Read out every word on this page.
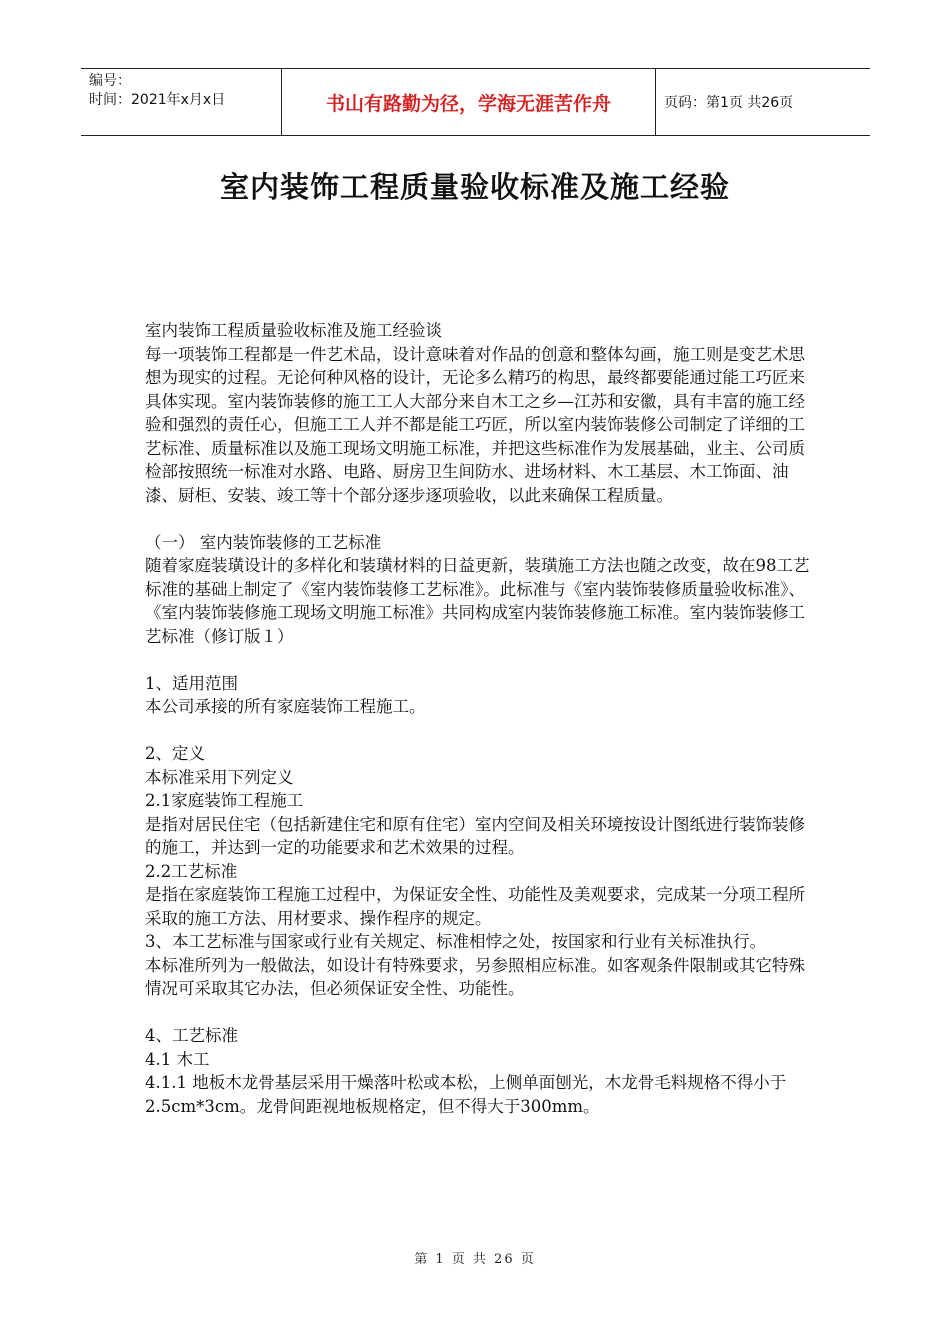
编号：
时间：2021年x月x日	书山有路勤为径，学海无涯苦作舟	页码：第1页 共26页
室内装饰工程质量验收标准及施工经验

室内装饰工程质量验收标准及施工经验谈

每一项装饰工程都是一件艺术品，设计意味着对作品的创意和整体勾画，施工则是变艺术思想为现实的过程。无论何种风格的设计，无论多么精巧的构思，最终都要能通过能工巧匠来具体实现。室内装饰装修的施工工人大部分来自木工之乡—江苏和安徽，具有丰富的施工经验和强烈的责任心，但施工工人并不都是能工巧匠，所以室内装饰装修公司制定了详细的工艺标准、质量标准以及施工现场文明施工标准，并把这些标准作为发展基础，业主、公司质检部按照统一标准对水路、电路、厨房卫生间防水、进场材料、木工基层、木工饰面、油漆、厨柜、安装、竣工等十个部分逐步逐项验收，以此来确保工程质量。

（一） 室内装饰装修的工艺标准

随着家庭装璜设计的多样化和装璜材料的日益更新，装璜施工方法也随之改变，故在98工艺标准的基础上制定了《室内装饰装修工艺标准》。此标准与《室内装饰装修质量验收标准》、《室内装饰装修施工现场文明施工标准》共同构成室内装饰装修施工标准。室内装饰装修工艺标准（修订版１）

1、适用范围

本公司承接的所有家庭装饰工程施工。

2、定义

本标准采用下列定义

2.1家庭装饰工程施工

是指对居民住宅（包括新建住宅和原有住宅）室内空间及相关环境按设计图纸进行装饰装修的施工，并达到一定的功能要求和艺术效果的过程。

2.2工艺标准

是指在家庭装饰工程施工过程中，为保证安全性、功能性及美观要求，完成某一分项工程所采取的施工方法、用材要求、操作程序的规定。

3、本工艺标准与国家或行业有关规定、标准相悖之处，按国家和行业有关标准执行。

本标准所列为一般做法，如设计有特殊要求，另参照相应标准。如客观条件限制或其它特殊情况可采取其它办法，但必须保证安全性、功能性。

4、工艺标准

4.1 木工

4.1.1 地板木龙骨基层采用干燥落叶松或本松，上侧单面刨光，木龙骨毛料规格不得小于2.5cm*3cm。龙骨间距视地板规格定，但不得大于300mm。

第 1 页 共 26 页
